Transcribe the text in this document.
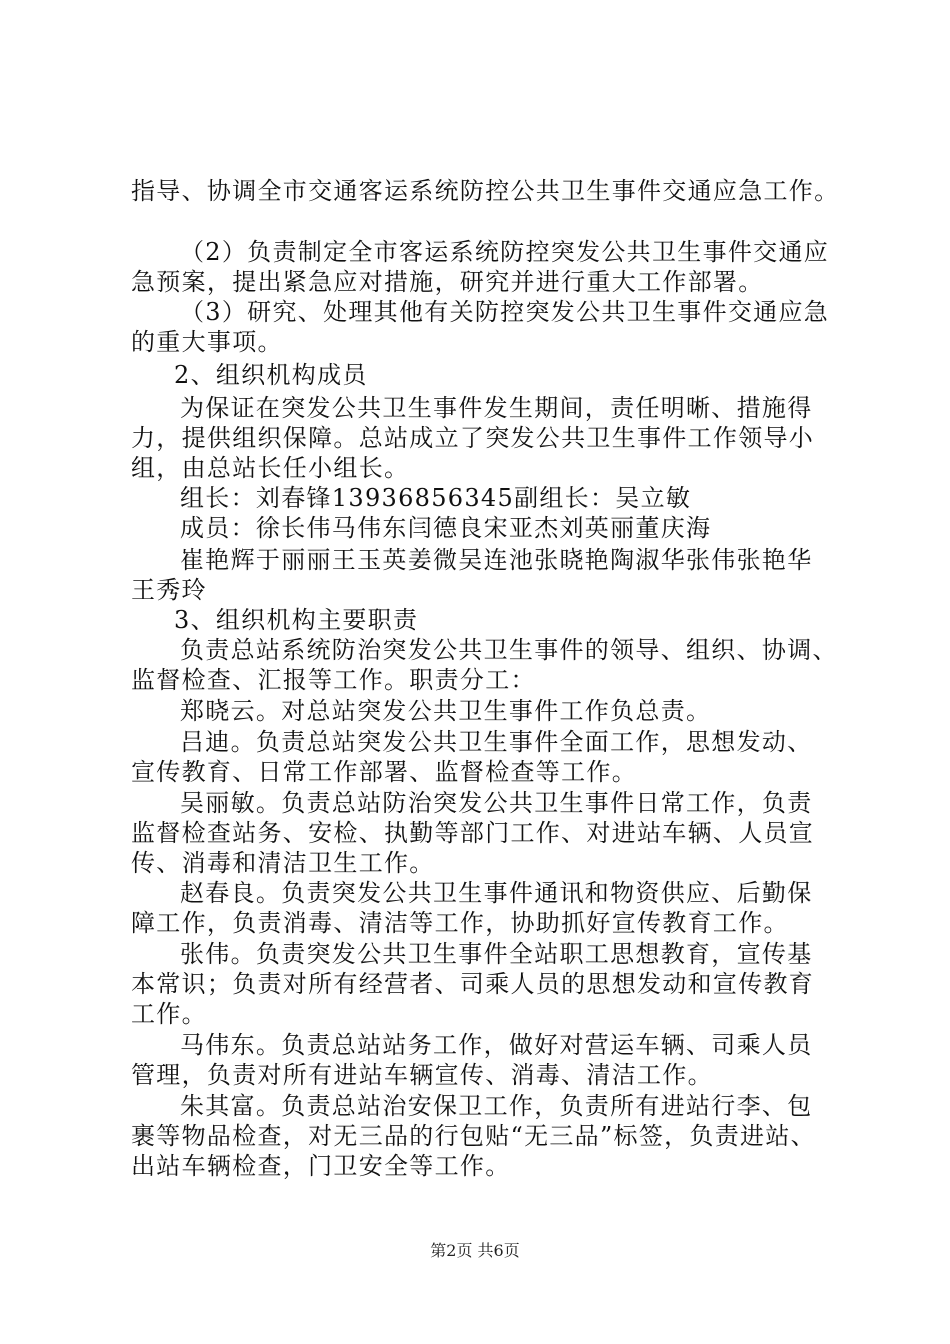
指导、协调全市交通客运系统防控公共卫生事件交通应急工作。
（2）负责制定全市客运系统防控突发公共卫生事件交通应
急预案，提出紧急应对措施，研究并进行重大工作部署。
（3）研究、处理其他有关防控突发公共卫生事件交通应急
的重大事项。
2、组织机构成员
为保证在突发公共卫生事件发生期间，责任明晰、措施得
力，提供组织保障。总站成立了突发公共卫生事件工作领导小
组，由总站长任小组长。
组长：刘春锋13936856345副组长：吴立敏
成员：徐长伟马伟东闫德良宋亚杰刘英丽董庆海
崔艳辉于丽丽王玉英姜微吴连池张晓艳陶淑华张伟张艳华
王秀玲
3、组织机构主要职责
负责总站系统防治突发公共卫生事件的领导、组织、协调、
监督检查、汇报等工作。职责分工：
郑晓云。对总站突发公共卫生事件工作负总责。
吕迪。负责总站突发公共卫生事件全面工作，思想发动、
宣传教育、日常工作部署、监督检查等工作。
吴丽敏。负责总站防治突发公共卫生事件日常工作，负责
监督检查站务、安检、执勤等部门工作、对进站车辆、人员宣
传、消毒和清洁卫生工作。
赵春良。负责突发公共卫生事件通讯和物资供应、后勤保
障工作，负责消毒、清洁等工作，协助抓好宣传教育工作。
张伟。负责突发公共卫生事件全站职工思想教育，宣传基
本常识；负责对所有经营者、司乘人员的思想发动和宣传教育
工作。
马伟东。负责总站站务工作，做好对营运车辆、司乘人员
管理，负责对所有进站车辆宣传、消毒、清洁工作。
朱其富。负责总站治安保卫工作，负责所有进站行李、包
裹等物品检查，对无三品的行包贴“无三品”标签，负责进站、
出站车辆检查，门卫安全等工作。
第2页 共6页
